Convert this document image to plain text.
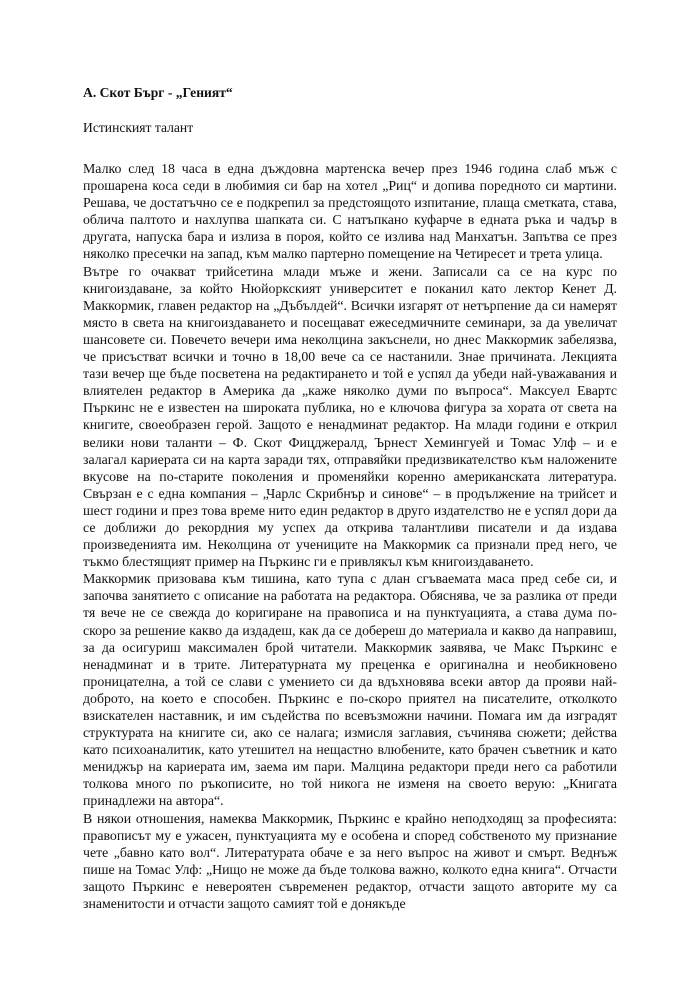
А. Скот Бърг - „Геният“

Истинският талант

Малко след 18 часа в една дъждовна мартенска вечер през 1946 година слаб мъж с прошарена коса седи в любимия си бар на хотел „Риц“ и допива поредното си мартини. Решава, че достатъчно се е подкрепил за предстоящото изпитание, плаща сметката, става, облича палтото и нахлупва шапката си. С натъпкано куфарче в едната ръка и чадър в другата, напуска бара и излиза в пороя, който се излива над Манхатън. Запътва се през няколко пресечки на запад, към малко партерно помещение на Четиресет и трета улица.

Вътре го очакват трийсетина млади мъже и жени. Записали са се на курс по книгоиздаване, за който Нюйоркският университет е поканил като лектор Кенет Д. Маккормик, главен редактор на „Дъбълдей“. Всички изгарят от нетърпение да си намерят място в света на книгоиздаването и посещават ежеседмичните семинари, за да увеличат шансовете си. Повечето вечери има неколцина закъснели, но днес Маккормик забелязва, че присъстват всички и точно в 18,00 вече са се настанили. Знае причината. Лекцията тази вечер ще бъде посветена на редактирането и той е успял да убеди най-уважавания и влиятелен редактор в Америка да „каже няколко думи по въпроса“. Максуел Евартс Пъркинс не е известен на широката публика, но е ключова фигура за хората от света на книгите, своеобразен герой. Защото е ненадминат редактор. На млади години е открил велики нови таланти – Ф. Скот Фицджералд, Ърнест Хемингуей и Томас Улф – и е залагал кариерата си на карта заради тях, отправяйки предизвикателство към наложените вкусове на по-старите поколения и променяйки коренно американската литература. Свързан е с една компания – „Чарлс Скрибнър и синове“ – в продължение на трийсет и шест години и през това време нито един редактор в друго издателство не е успял дори да се доближи до рекордния му успех да открива талантливи писатели и да издава произведенията им. Неколцина от учениците на Маккормик са признали пред него, че тъкмо блестящият пример на Пъркинс ги е привлякъл към книгоиздаването.

Маккормик призовава към тишина, като тупа с длан сгъваемата маса пред себе си, и започва занятието с описание на работата на редактора. Обяснява, че за разлика от преди тя вече не се свежда до коригиране на правописа и на пунктуацията, а става дума по-скоро за решение какво да издадеш, как да се добереш до материала и какво да направиш, за да осигуриш максимален брой читатели. Маккормик заявява, че Макс Пъркинс е ненадминат и в трите. Литературната му преценка е оригинална и необикновено проницателна, а той се слави с умението си да вдъхновява всеки автор да прояви най-доброто, на което е способен. Пъркинс е по-скоро приятел на писателите, отколкото взискателен наставник, и им съдейства по всевъзможни начини. Помага им да изградят структурата на книгите си, ако се налага; измисля заглавия, съчинява сюжети; действа като психоаналитик, като утешител на нещастно влюбените, като брачен съветник и като мениджър на кариерата им, заема им пари. Малцина редактори преди него са работили толкова много по ръкописите, но той никога не изменя на своето верую: „Книгата принадлежи на автора“.

В някои отношения, намеква Маккормик, Пъркинс е крайно неподходящ за професията: правописът му е ужасен, пунктуацията му е особена и според собственото му признание чете „бавно като вол“. Литературата обаче е за него въпрос на живот и смърт. Веднъж пише на Томас Улф: „Нищо не може да бъде толкова важно, колкото една книга“. Отчасти защото Пъркинс е невероятен съвременен редактор, отчасти защото авторите му са знаменитости и отчасти защото самият той е донякъде
